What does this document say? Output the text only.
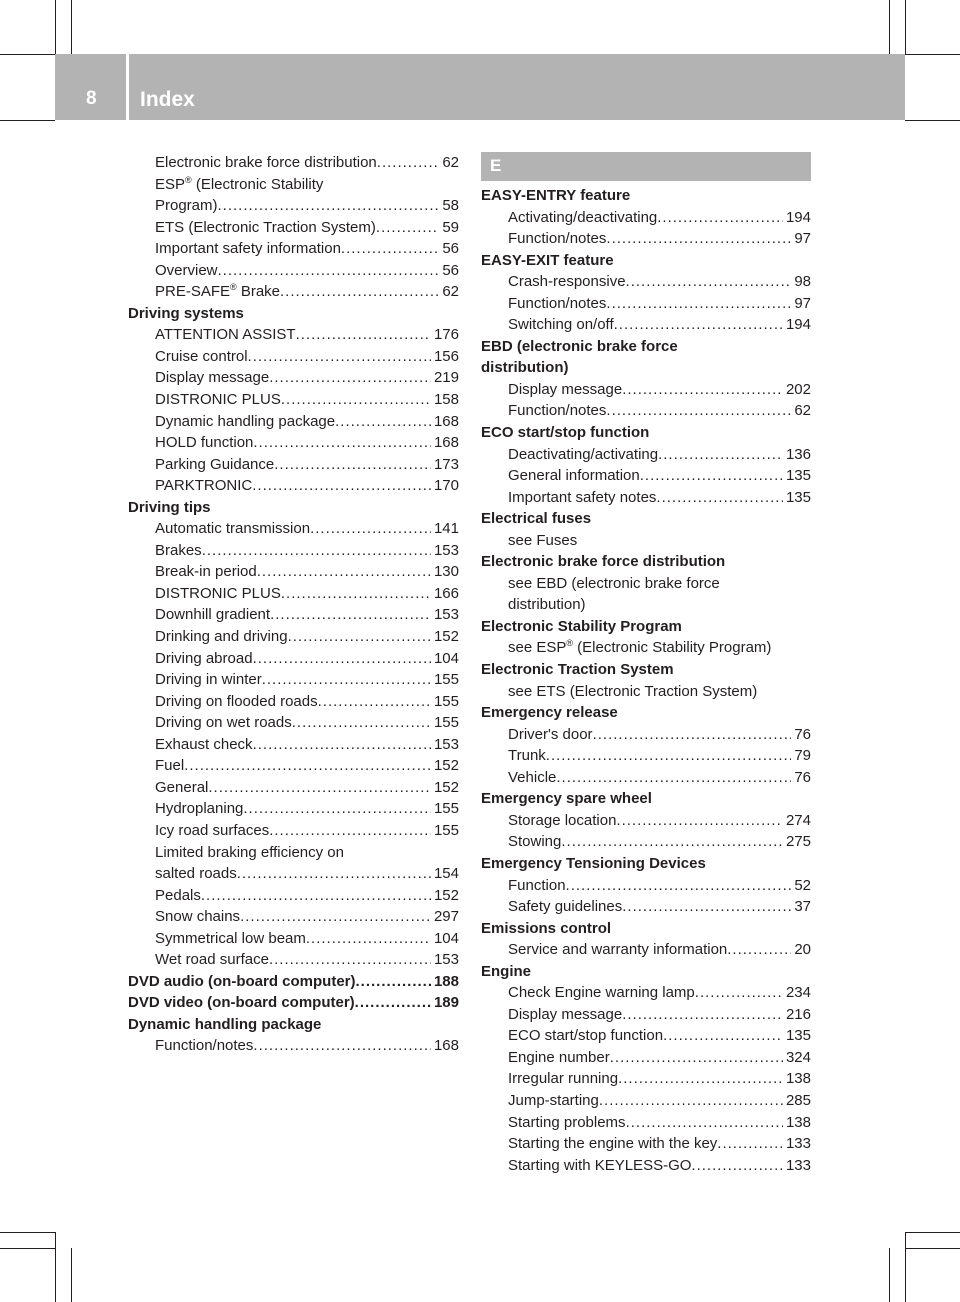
8	Index
Electronic brake force distribution .....	62
ESP® (Electronic Stability
Program) .....	58
ETS (Electronic Traction System) .....	59
Important safety information .....	56
Overview .....	56
PRE-SAFE® Brake .....	62
Driving systems
ATTENTION ASSIST .....	176
Cruise control .....	156
Display message .....	219
DISTRONIC PLUS .....	158
Dynamic handling package .....	168
HOLD function .....	168
Parking Guidance .....	173
PARKTRONIC .....	170
Driving tips
Automatic transmission .....	141
Brakes .....	153
Break-in period .....	130
DISTRONIC PLUS .....	166
Downhill gradient .....	153
Drinking and driving .....	152
Driving abroad .....	104
Driving in winter .....	155
Driving on flooded roads .....	155
Driving on wet roads .....	155
Exhaust check .....	153
Fuel .....	152
General .....	152
Hydroplaning .....	155
Icy road surfaces .....	155
Limited braking efficiency on
salted roads .....	154
Pedals .....	152
Snow chains .....	297
Symmetrical low beam .....	104
Wet road surface .....	153
DVD audio (on-board computer) .....	188
DVD video (on-board computer) .....	189
Dynamic handling package
Function/notes .....	168
E
EASY-ENTRY feature
Activating/deactivating .....	194
Function/notes .....	97
EASY-EXIT feature
Crash-responsive .....	98
Function/notes .....	97
Switching on/off .....	194
EBD (electronic brake force
distribution)
Display message .....	202
Function/notes .....	62
ECO start/stop function
Deactivating/activating .....	136
General information .....	135
Important safety notes .....	135
Electrical fuses
see Fuses
Electronic brake force distribution
see EBD (electronic brake force
distribution)
Electronic Stability Program
see ESP® (Electronic Stability Program)
Electronic Traction System
see ETS (Electronic Traction System)
Emergency release
Driver's door .....	76
Trunk .....	79
Vehicle .....	76
Emergency spare wheel
Storage location .....	274
Stowing .....	275
Emergency Tensioning Devices
Function .....	52
Safety guidelines .....	37
Emissions control
Service and warranty information .....	20
Engine
Check Engine warning lamp .....	234
Display message .....	216
ECO start/stop function .....	135
Engine number .....	324
Irregular running .....	138
Jump-starting .....	285
Starting problems .....	138
Starting the engine with the key .....	133
Starting with KEYLESS-GO .....	133
